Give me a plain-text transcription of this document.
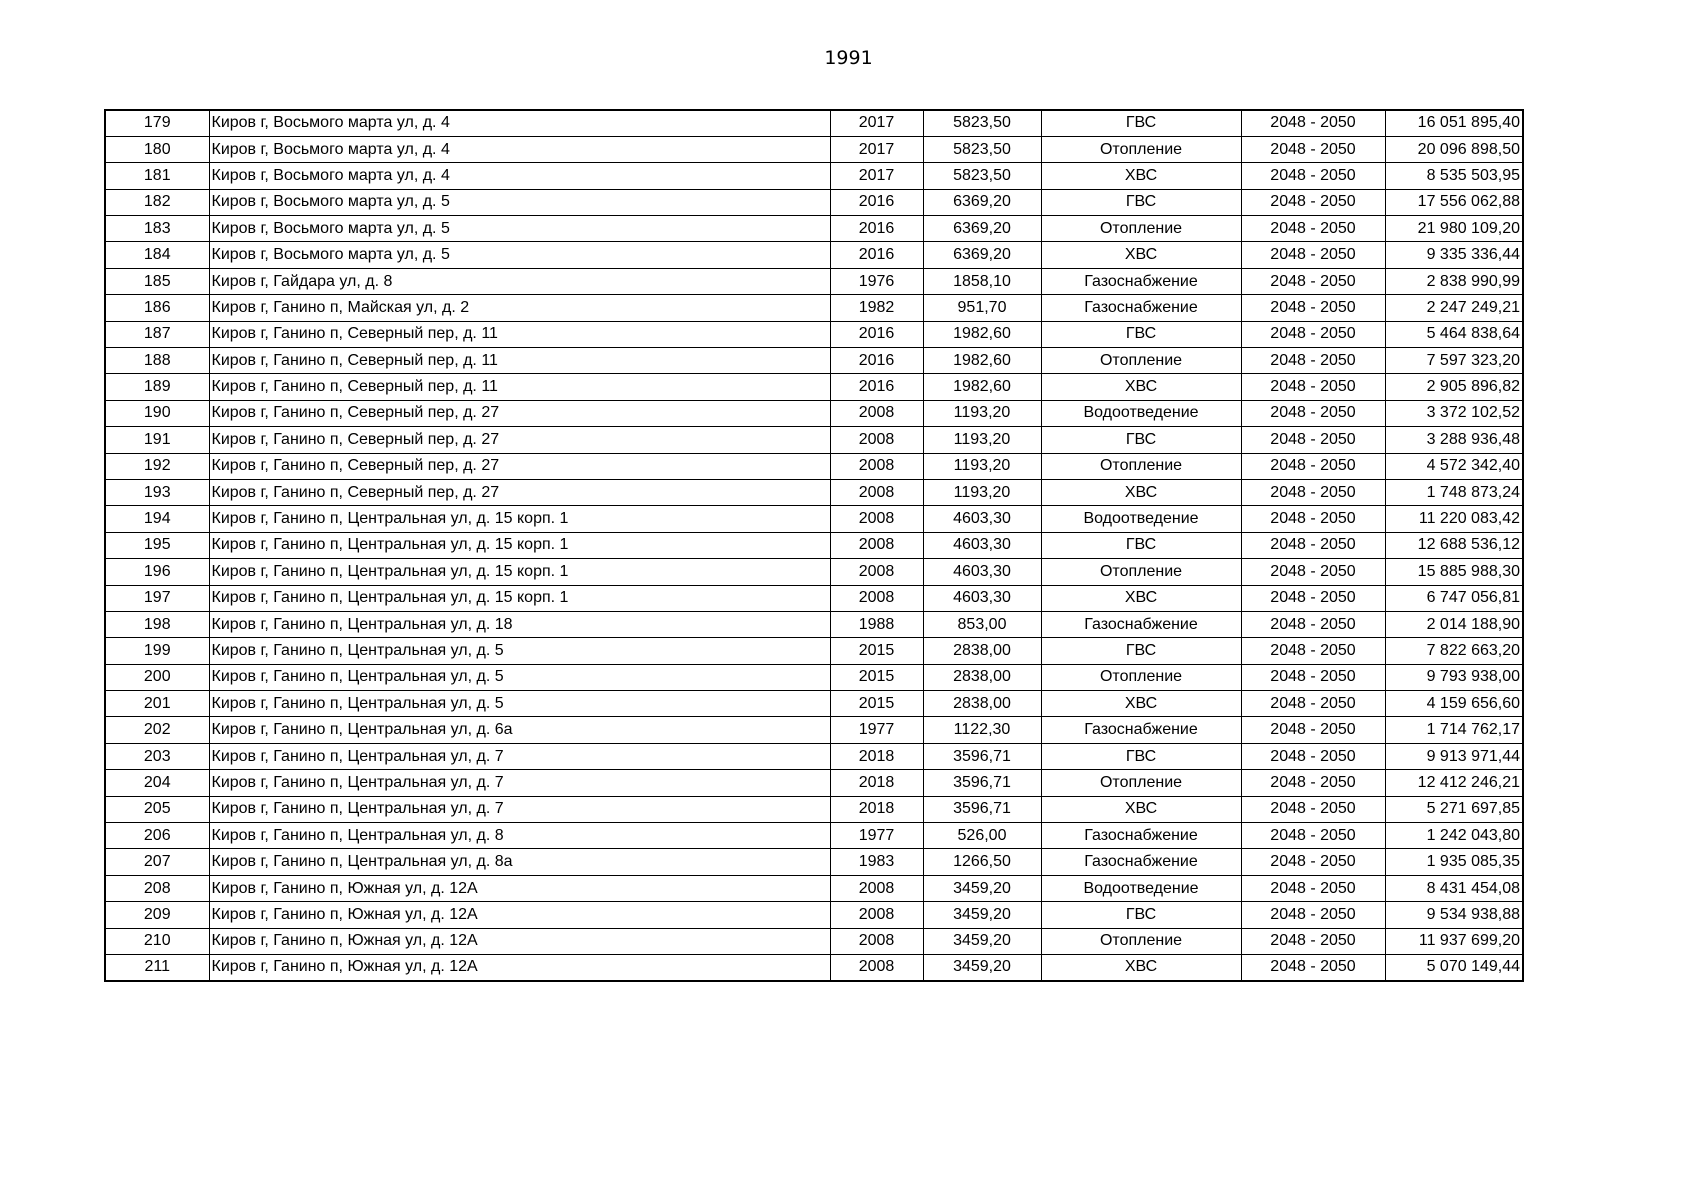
1991
179	Киров г, Восьмого марта ул, д. 4	2017	5823,50	ГВС	2048 - 2050	16 051 895,40
180	Киров г, Восьмого марта ул, д. 4	2017	5823,50	Отопление	2048 - 2050	20 096 898,50
181	Киров г, Восьмого марта ул, д. 4	2017	5823,50	ХВС	2048 - 2050	8 535 503,95
182	Киров г, Восьмого марта ул, д. 5	2016	6369,20	ГВС	2048 - 2050	17 556 062,88
183	Киров г, Восьмого марта ул, д. 5	2016	6369,20	Отопление	2048 - 2050	21 980 109,20
184	Киров г, Восьмого марта ул, д. 5	2016	6369,20	ХВС	2048 - 2050	9 335 336,44
185	Киров г, Гайдара ул, д. 8	1976	1858,10	Газоснабжение	2048 - 2050	2 838 990,99
186	Киров г, Ганино п, Майская ул, д. 2	1982	951,70	Газоснабжение	2048 - 2050	2 247 249,21
187	Киров г, Ганино п, Северный пер, д. 11	2016	1982,60	ГВС	2048 - 2050	5 464 838,64
188	Киров г, Ганино п, Северный пер, д. 11	2016	1982,60	Отопление	2048 - 2050	7 597 323,20
189	Киров г, Ганино п, Северный пер, д. 11	2016	1982,60	ХВС	2048 - 2050	2 905 896,82
190	Киров г, Ганино п, Северный пер, д. 27	2008	1193,20	Водоотведение	2048 - 2050	3 372 102,52
191	Киров г, Ганино п, Северный пер, д. 27	2008	1193,20	ГВС	2048 - 2050	3 288 936,48
192	Киров г, Ганино п, Северный пер, д. 27	2008	1193,20	Отопление	2048 - 2050	4 572 342,40
193	Киров г, Ганино п, Северный пер, д. 27	2008	1193,20	ХВС	2048 - 2050	1 748 873,24
194	Киров г, Ганино п, Центральная ул, д. 15 корп. 1	2008	4603,30	Водоотведение	2048 - 2050	11 220 083,42
195	Киров г, Ганино п, Центральная ул, д. 15 корп. 1	2008	4603,30	ГВС	2048 - 2050	12 688 536,12
196	Киров г, Ганино п, Центральная ул, д. 15 корп. 1	2008	4603,30	Отопление	2048 - 2050	15 885 988,30
197	Киров г, Ганино п, Центральная ул, д. 15 корп. 1	2008	4603,30	ХВС	2048 - 2050	6 747 056,81
198	Киров г, Ганино п, Центральная ул, д. 18	1988	853,00	Газоснабжение	2048 - 2050	2 014 188,90
199	Киров г, Ганино п, Центральная ул, д. 5	2015	2838,00	ГВС	2048 - 2050	7 822 663,20
200	Киров г, Ганино п, Центральная ул, д. 5	2015	2838,00	Отопление	2048 - 2050	9 793 938,00
201	Киров г, Ганино п, Центральная ул, д. 5	2015	2838,00	ХВС	2048 - 2050	4 159 656,60
202	Киров г, Ганино п, Центральная ул, д. 6а	1977	1122,30	Газоснабжение	2048 - 2050	1 714 762,17
203	Киров г, Ганино п, Центральная ул, д. 7	2018	3596,71	ГВС	2048 - 2050	9 913 971,44
204	Киров г, Ганино п, Центральная ул, д. 7	2018	3596,71	Отопление	2048 - 2050	12 412 246,21
205	Киров г, Ганино п, Центральная ул, д. 7	2018	3596,71	ХВС	2048 - 2050	5 271 697,85
206	Киров г, Ганино п, Центральная ул, д. 8	1977	526,00	Газоснабжение	2048 - 2050	1 242 043,80
207	Киров г, Ганино п, Центральная ул, д. 8а	1983	1266,50	Газоснабжение	2048 - 2050	1 935 085,35
208	Киров г, Ганино п, Южная ул, д. 12А	2008	3459,20	Водоотведение	2048 - 2050	8 431 454,08
209	Киров г, Ганино п, Южная ул, д. 12А	2008	3459,20	ГВС	2048 - 2050	9 534 938,88
210	Киров г, Ганино п, Южная ул, д. 12А	2008	3459,20	Отопление	2048 - 2050	11 937 699,20
211	Киров г, Ганино п, Южная ул, д. 12А	2008	3459,20	ХВС	2048 - 2050	5 070 149,44
